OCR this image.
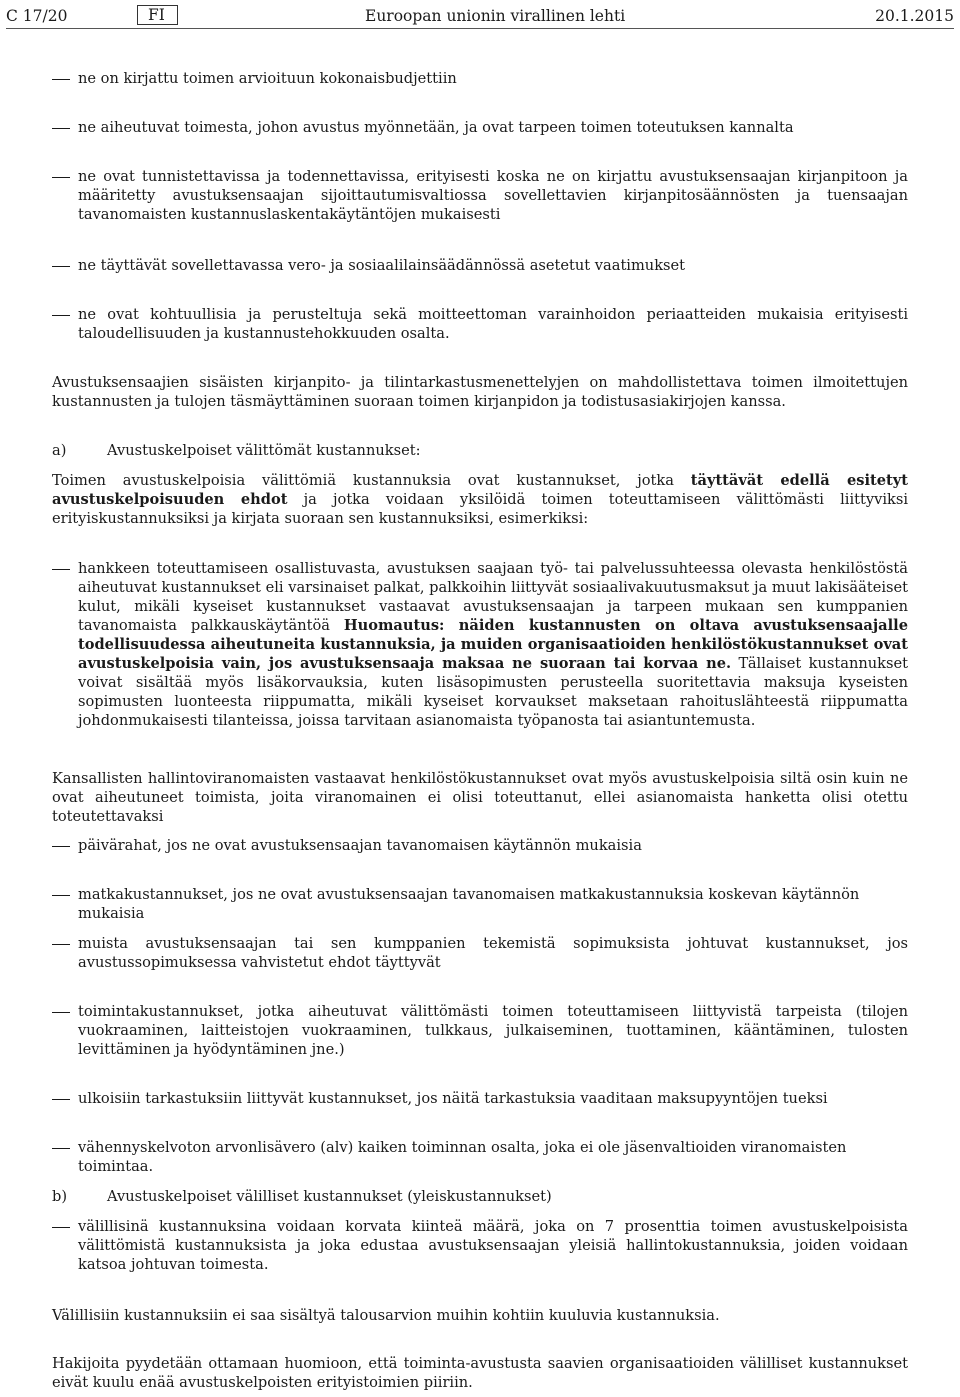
C 17/20	FI	Euroopan unionin virallinen lehti	20.1.2015
ne on kirjattu toimen arvioituun kokonaisbudjettiin
ne aiheutuvat toimesta, johon avustus myönnetään, ja ovat tarpeen toimen toteutuksen kannalta
ne ovat tunnistettavissa ja todennettavissa, erityisesti koska ne on kirjattu avustuksensaajan kirjanpitoon ja määritetty avustuksensaajan sijoittautumisvaltiossa sovellettavien kirjanpitosäännösten ja tuensaajan tavanomaisten kustannuslaskentakäytäntöjen mukaisesti
ne täyttävät sovellettavassa vero- ja sosiaalilainsäädännössä asetetut vaatimukset
ne ovat kohtuullisia ja perusteltuja sekä moitteettoman varainhoidon periaatteiden mukaisia erityisesti taloudellisuuden ja kustannustehokkuuden osalta.
Avustuksensaajien sisäisten kirjanpito- ja tilintarkastusmenettelyjen on mahdollistettava toimen ilmoitettujen kustannusten ja tulojen täsmäyttäminen suoraan toimen kirjanpidon ja todistusasiakirjojen kanssa.
a)	Avustuskelpoiset välittömät kustannukset:
Toimen avustuskelpoisia välittömiä kustannuksia ovat kustannukset, jotka täyttävät edellä esitetyt avustuskelpoisuuden ehdot ja jotka voidaan yksilöidä toimen toteuttamiseen välittömästi liittyviksi erityiskustannuksiksi ja kirjata suoraan sen kustannuksiksi, esimerkiksi:
hankkeen toteuttamiseen osallistuvasta, avustuksen saajaan työ- tai palvelussuhteessa olevasta henkilöstöstä aiheutuvat kustannukset eli varsinaiset palkat, palkkoihin liittyvät sosiaalivakuutusmaksut ja muut lakisääteiset kulut, mikäli kyseiset kustannukset vastaavat avustuksensaajan ja tarpeen mukaan sen kumppanien tavanomaista palkkauskäytäntöä Huomautus: näiden kustannusten on oltava avustuksensaajalle todellisuudessa aiheutuneita kustannuksia, ja muiden organisaatioiden henkilöstökustannukset ovat avustuskelpoisia vain, jos avustuksensaaja maksaa ne suoraan tai korvaa ne. Tällaiset kustannukset voivat sisältää myös lisäkorvauksia, kuten lisäsopimusten perusteella suoritettavia maksuja kyseisten sopimusten luonteesta riippumatta, mikäli kyseiset korvaukset maksetaan rahoituslähteestä riippumatta johdonmukaisesti tilanteissa, joissa tarvitaan asianomaista työpanosta tai asiantuntemusta.
Kansallisten hallintoviranomaisten vastaavat henkilöstökustannukset ovat myös avustuskelpoisia siltä osin kuin ne ovat aiheutuneet toimista, joita viranomainen ei olisi toteuttanut, ellei asianomaista hanketta olisi otettu toteutettavaksi
päivärahat, jos ne ovat avustuksensaajan tavanomaisen käytännön mukaisia
matkakustannukset, jos ne ovat avustuksensaajan tavanomaisen matkakustannuksia koskevan käytännön mukaisia
muista avustuksensaajan tai sen kumppanien tekemistä sopimuksista johtuvat kustannukset, jos avustussopimuksessa vahvistetut ehdot täyttyvät
toimintakustannukset, jotka aiheutuvat välittömästi toimen toteuttamiseen liittyvistä tarpeista (tilojen vuokraaminen, laitteistojen vuokraaminen, tulkkaus, julkaiseminen, tuottaminen, kääntäminen, tulosten levittäminen ja hyödyntäminen jne.)
ulkoisiin tarkastuksiin liittyvät kustannukset, jos näitä tarkastuksia vaaditaan maksupyyntöjen tueksi
vähennyskelvoton arvonlisävero (alv) kaiken toiminnan osalta, joka ei ole jäsenvaltioiden viranomaisten toimintaa.
b)	Avustuskelpoiset välilliset kustannukset (yleiskustannukset)
välillisinä kustannuksina voidaan korvata kiinteä määrä, joka on 7 prosenttia toimen avustuskelpoisista välittömistä kustannuksista ja joka edustaa avustuksensaajan yleisiä hallintokustannuksia, joiden voidaan katsoa johtuvan toimesta.
Välillisiin kustannuksiin ei saa sisältyä talousarvion muihin kohtiin kuuluvia kustannuksia.
Hakijoita pyydetään ottamaan huomioon, että toiminta-avustusta saavien organisaatioiden välilliset kustannukset eivät kuulu enää avustuskelpoisten erityistoimien piiriin.
